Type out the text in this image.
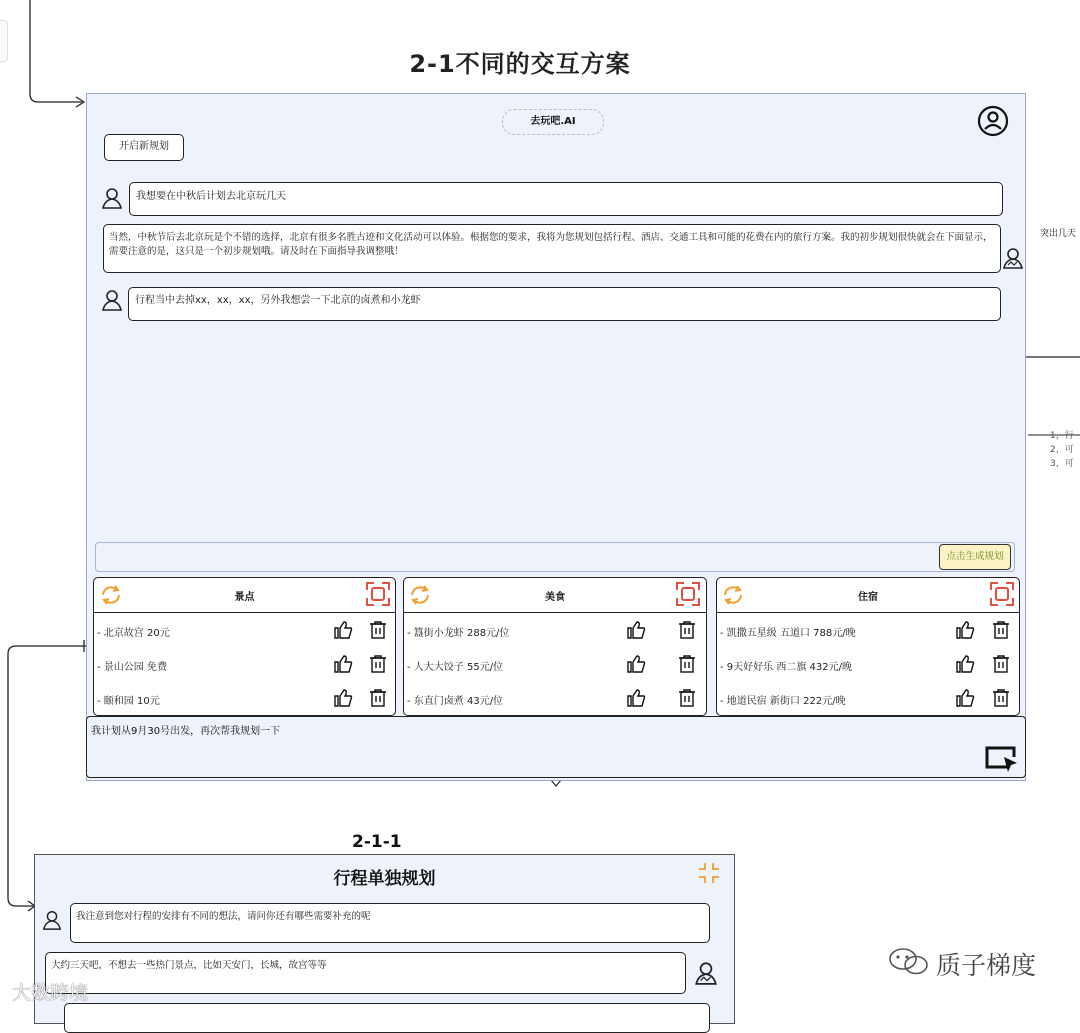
2-1不同的交互方案
去玩吧.AI
开启新规划
我想要在中秋后计划去北京玩几天
当然，中秋节后去北京玩是个不错的选择，北京有很多名胜古迹和文化活动可以体验。根据您的要求，我将为您规划包括行程、酒店、交通工具和可能的花费在内的旅行方案。我的初步规划很快就会在下面显示，需要注意的是，这只是一个初步规划哦。请及时在下面指导我调整哦！
行程当中去掉xx，xx，xx，另外我想尝一下北京的卤煮和小龙虾
点击生成规划
景点
- 北京故宫 20元
- 景山公园 免费
- 颐和园 10元
美食
- 簋街小龙虾 288元/位
- 人大大饺子 55元/位
- 东直门卤煮 43元/位
住宿
- 凯撒五星级 五道口 788元/晚
- 9天好好乐 西二旗 432元/晚
- 地道民宿 新街口 222元/晚
我计划从9月30号出发，再次帮我规划一下
突出几天
1，行
2，可
3，可
2-1-1
行程单独规划
我注意到您对行程的安排有不同的想法，请问你还有哪些需要补充的呢
大约三天吧，不想去一些热门景点，比如天安门，长城，故宫等等	质子梯度
大数跨境
